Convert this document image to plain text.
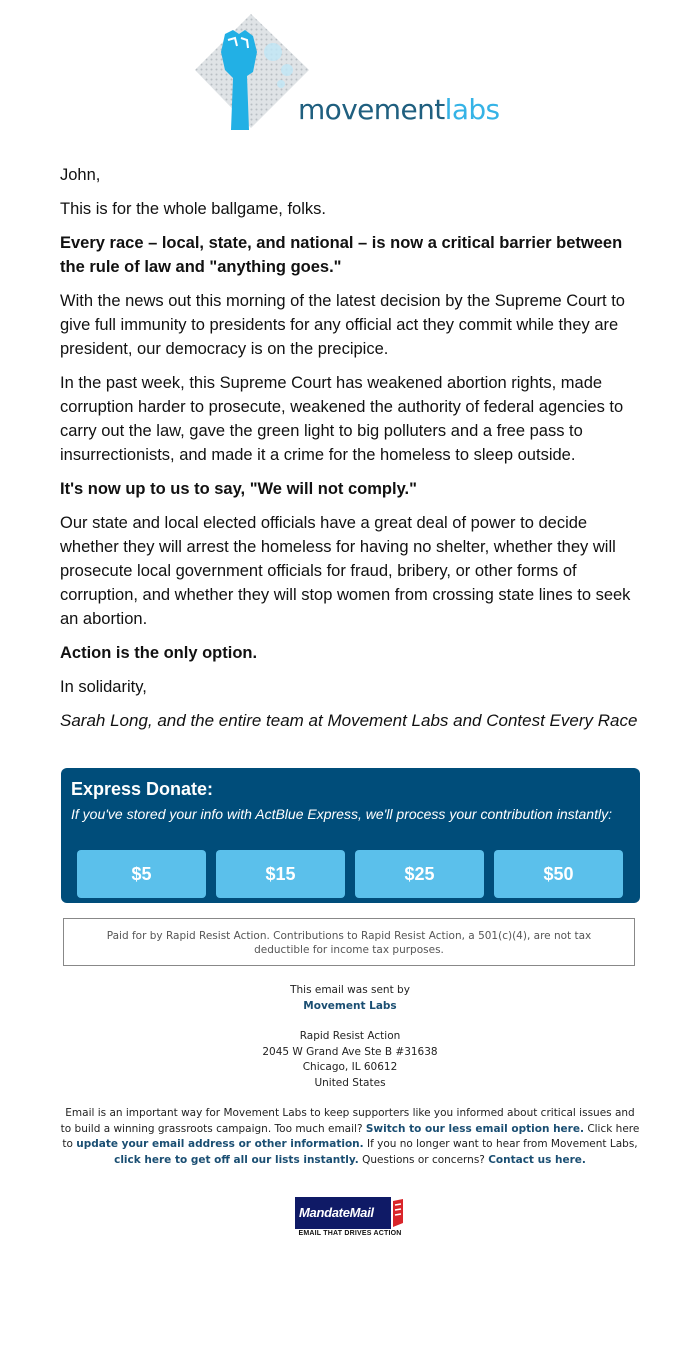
movementlabs

John,

This is for the whole ballgame, folks.

Every race – local, state, and national – is now a critical barrier between the rule of law and "anything goes."

With the news out this morning of the latest decision by the Supreme Court to give full immunity to presidents for any official act they commit while they are president, our democracy is on the precipice.

In the past week, this Supreme Court has weakened abortion rights, made corruption harder to prosecute, weakened the authority of federal agencies to carry out the law, gave the green light to big polluters and a free pass to insurrectionists, and made it a crime for the homeless to sleep outside.

It's now up to us to say, "We will not comply."

Our state and local elected officials have a great deal of power to decide whether they will arrest the homeless for having no shelter, whether they will prosecute local government officials for fraud, bribery, or other forms of corruption, and whether they will stop women from crossing state lines to seek an abortion.

Action is the only option.

In solidarity,

Sarah Long, and the entire team at Movement Labs and Contest Every Race

Express Donate:
If you've stored your info with ActBlue Express, we'll process your contribution instantly:
$5	$15	$25	$50
Paid for by Rapid Resist Action. Contributions to Rapid Resist Action, a 501(c)(4), are not tax deductible for income tax purposes.
This email was sent by
Movement Labs
Rapid Resist Action
2045 W Grand Ave Ste B #31638
Chicago, IL 60612
United States
Email is an important way for Movement Labs to keep supporters like you informed about critical issues and to build a winning grassroots campaign. Too much email? Switch to our less email option here. Click here to update your email address or other information. If you no longer want to hear from Movement Labs, click here to get off all our lists instantly. Questions or concerns? Contact us here.
MandateMail
EMAIL THAT DRIVES ACTION
